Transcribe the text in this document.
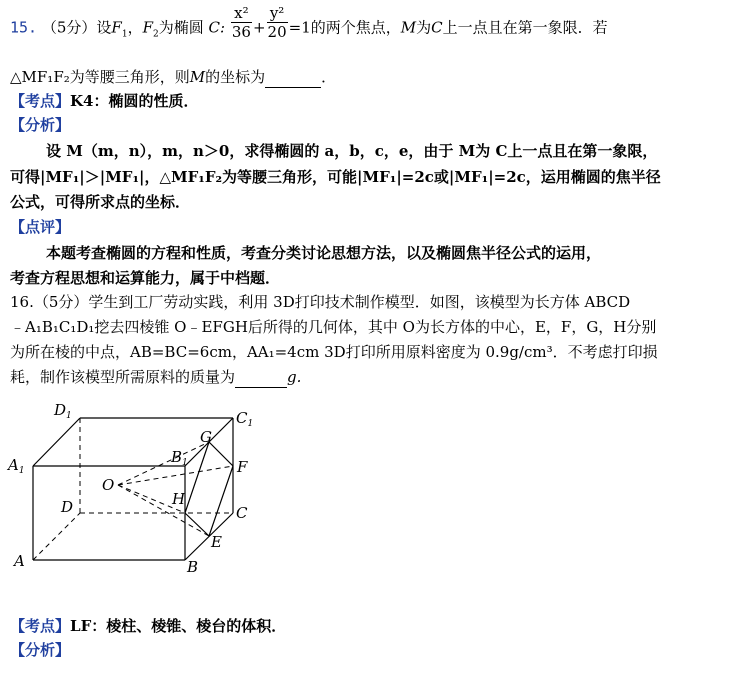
15. （5分）设$F_1$，$F_2$为椭圆 C: $\frac{\text{x²}}{36} + \frac{\text{y²}}{20} =1$的两个焦点，M为C上一点且在第一象限．若
△MF₁F₂为等腰三角形，则M的坐标为	．
【考点】K4：椭圆的性质．
【分析】
设 M（m，n），m，n＞0，求得椭圆的 a，b，c，e，由于 M为 C上一点且在第一象限，
可得|MF₁|＞|MF₁|，△MF₁F₂为等腰三角形，可能|MF₁|=2c或|MF₁|=2c，运用椭圆的焦半径
公式，可得所求点的坐标．
【点评】
本题考查椭圆的方程和性质，考查分类讨论思想方法，以及椭圆焦半径公式的运用，
考查方程思想和运算能力，属于中档题．
16.（5分）学生到工厂劳动实践，利用 3D打印技术制作模型．如图，该模型为长方体 ABCD
﹣A₁B₁C₁D₁挖去四棱锥 O﹣EFGH后所得的几何体，其中 O为长方体的中心，E，F，G，H分别
为所在棱的中点，AB=BC=6cm，AA₁=4cm 3D打印所用原料密度为 0.9g/cm³．不考虑打印损
耗，制作该模型所需原料的质量为	g.
$D_1$	$C_1$
$A_1$
$B_1$
G
F
O
H
D	C
E
A	B
【考点】LF：棱柱、棱锥、棱台的体积．
【分析】
